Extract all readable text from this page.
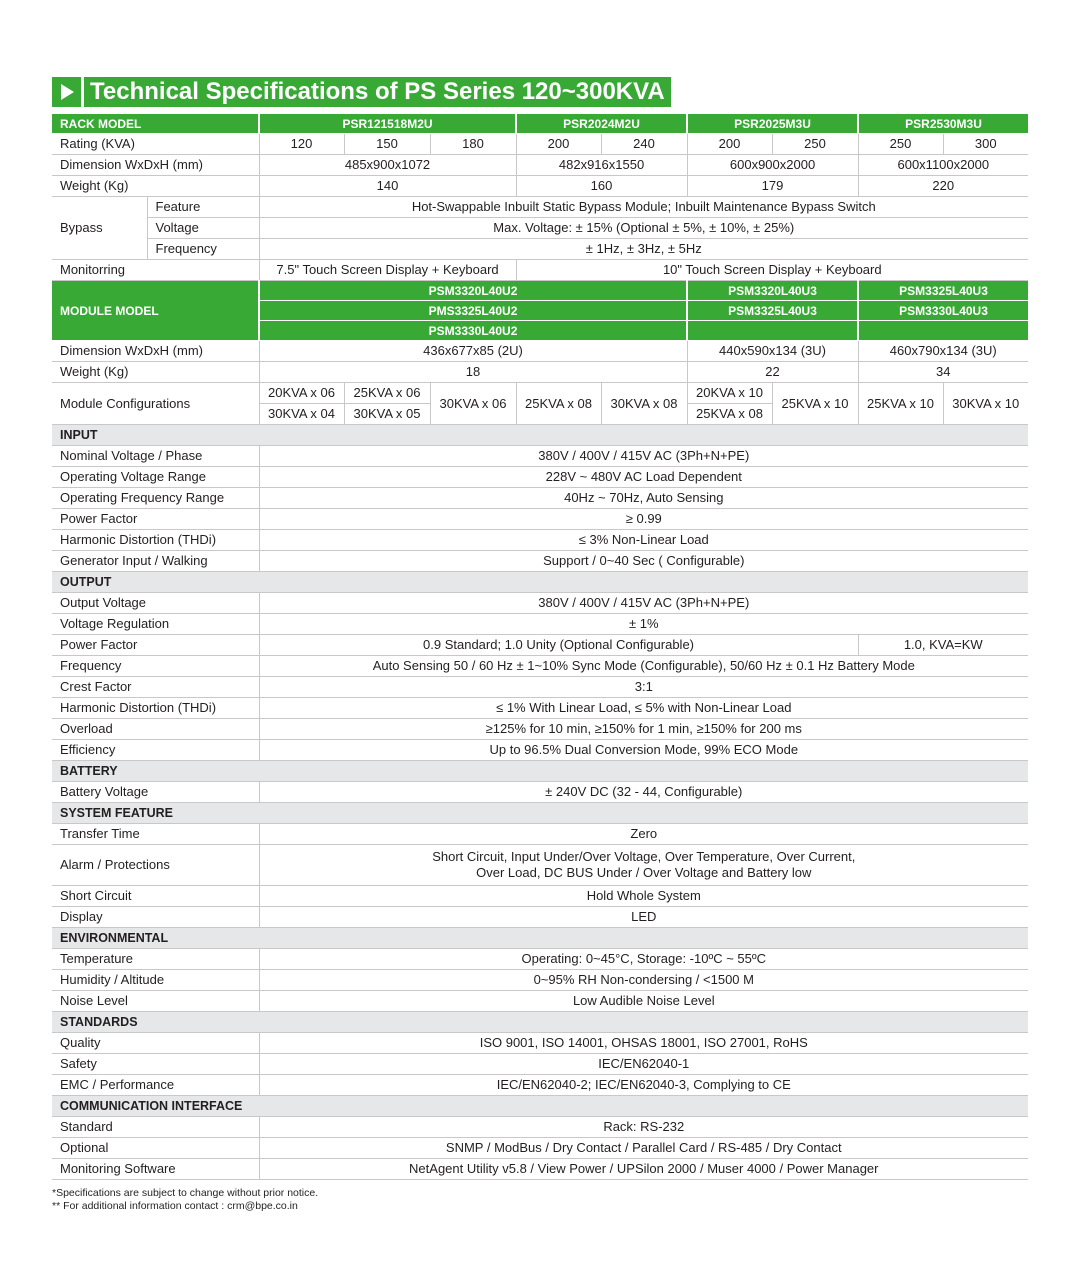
Technical Specifications of PS Series 120~300KVA
RACK MODEL		PSR121518M2U			PSR2024M2U		PSR2025M3U		PSR2530M3U	
Rating (KVA)		120	150	180	200	240	200	250	250	300
Dimension WxDxH (mm)		485x900x1072			482x916x1550		600x900x2000		600x1100x2000	
Weight (Kg)		140			160		179		220	
Bypass	Feature	Hot-Swappable Inbuilt Static Bypass Module; Inbuilt Maintenance Bypass Switch								
	Voltage	Max. Voltage: ± 15% (Optional ± 5%, ± 10%, ± 25%)								
	Frequency	± 1Hz, ± 3Hz, ± 5Hz								
Monitorring		7.5" Touch Screen Display + Keyboard			10" Touch Screen Display + Keyboard					
MODULE MODEL		PSM3320L40U2					PSM3320L40U3		PSM3325L40U3	
		PMS3325L40U2					PSM3325L40U3		PSM3330L40U3	
		PSM3330L40U2								
Dimension WxDxH (mm)		436x677x85 (2U)					440x590x134 (3U)		460x790x134 (3U)	
Weight (Kg)		18					22		34	
Module Configurations		20KVA x 06	25KVA x 06	30KVA x 06	25KVA x 08	30KVA x 08	20KVA x 10	25KVA x 10	25KVA x 10	30KVA x 10
		30KVA x 04	30KVA x 05				25KVA x 08			
INPUT										
Nominal Voltage / Phase		380V / 400V / 415V AC (3Ph+N+PE)								
Operating Voltage Range		228V ~ 480V AC Load Dependent								
Operating Frequency Range		40Hz ~ 70Hz, Auto Sensing								
Power Factor		≥ 0.99								
Harmonic Distortion (THDi)		≤ 3% Non-Linear Load								
Generator Input / Walking		Support / 0~40 Sec ( Configurable)								
OUTPUT										
Output Voltage		380V / 400V / 415V AC (3Ph+N+PE)								
Voltage Regulation		± 1%								
Power Factor		0.9 Standard; 1.0 Unity (Optional Configurable)							1.0, KVA=KW	
Frequency		Auto Sensing 50 / 60 Hz ± 1~10% Sync Mode (Configurable), 50/60 Hz ± 0.1 Hz Battery Mode								
Crest Factor		3:1								
Harmonic Distortion (THDi)		≤ 1% With Linear Load, ≤ 5% with Non-Linear Load								
Overload		≥125% for 10 min, ≥150% for 1 min, ≥150% for 200 ms								
Efficiency		Up to 96.5% Dual Conversion Mode, 99% ECO Mode								
BATTERY										
Battery Voltage		± 240V DC (32 - 44, Configurable)								
SYSTEM FEATURE										
Transfer Time		Zero								
Alarm / Protections		Short Circuit, Input Under/Over Voltage, Over Temperature, Over Current,
Over Load, DC BUS Under / Over Voltage and Battery low								
Short Circuit		Hold Whole System								
Display		LED								
ENVIRONMENTAL										
Temperature		Operating: 0~45°C, Storage: -10ºC ~ 55ºC								
Humidity / Altitude		0~95% RH Non-condersing / <1500 M								
Noise Level		Low Audible Noise Level								
STANDARDS										
Quality		ISO 9001, ISO 14001, OHSAS 18001, ISO 27001, RoHS								
Safety		IEC/EN62040-1								
EMC / Performance		IEC/EN62040-2; IEC/EN62040-3, Complying to CE								
COMMUNICATION INTERFACE										
Standard		Rack: RS-232								
Optional		SNMP / ModBus / Dry Contact / Parallel Card / RS-485 / Dry Contact								
Monitoring Software		NetAgent Utility v5.8 / View Power / UPSilon 2000 / Muser 4000 / Power Manager								
*Specifications are subject to change without prior notice.
** For additional information contact : crm@bpe.co.in
